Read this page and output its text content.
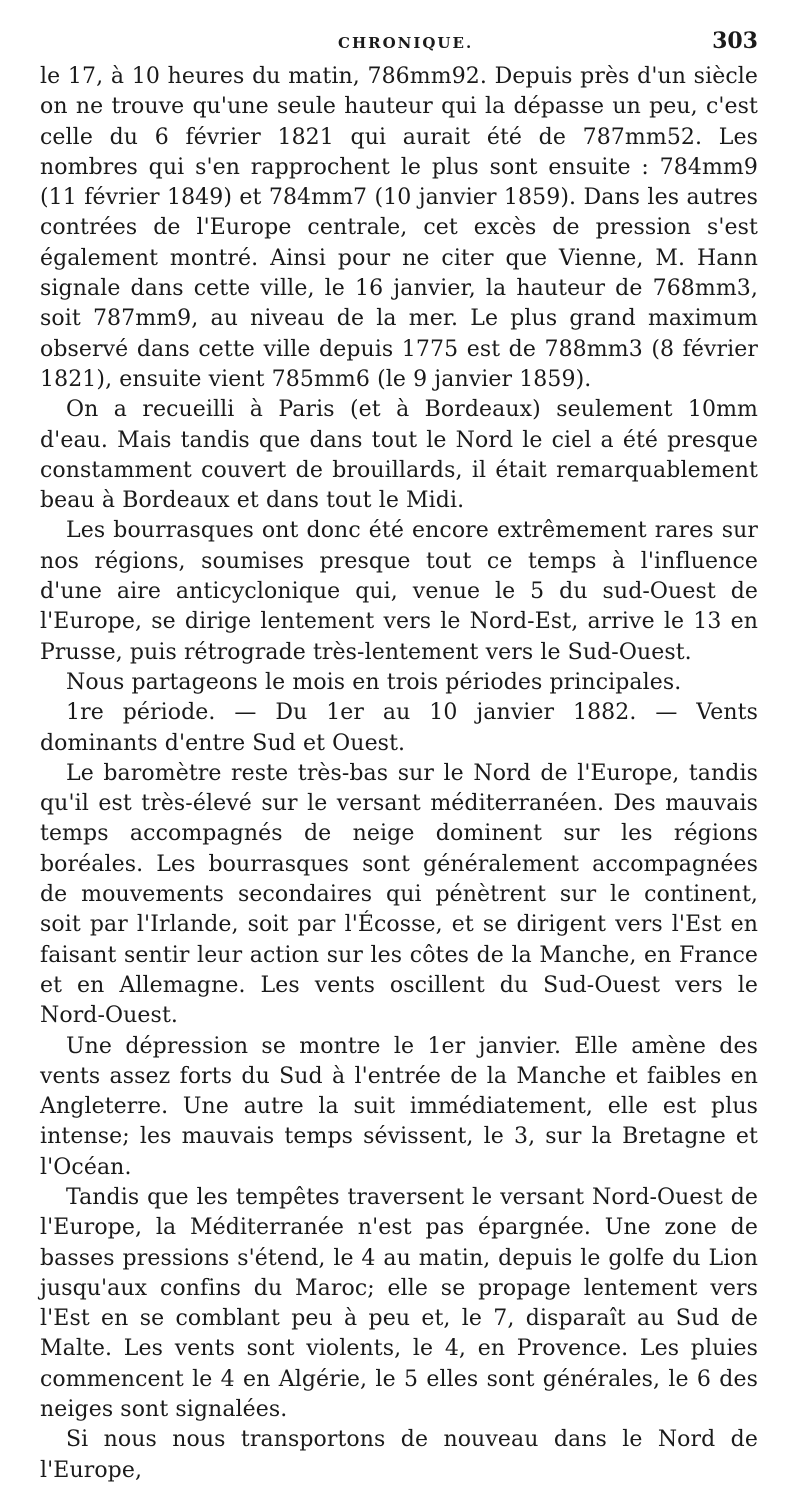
CHRONIQUE.	303

le 17, à 10 heures du matin, 786mm92. Depuis près d'un siècle on ne trouve qu'une seule hauteur qui la dépasse un peu, c'est celle du 6 février 1821 qui aurait été de 787mm52. Les nombres qui s'en rapprochent le plus sont ensuite : 784mm9 (11 février 1849) et 784mm7 (10 janvier 1859). Dans les autres contrées de l'Europe centrale, cet excès de pression s'est également montré. Ainsi pour ne citer que Vienne, M. Hann signale dans cette ville, le 16 janvier, la hauteur de 768mm3, soit 787mm9, au niveau de la mer. Le plus grand maximum observé dans cette ville depuis 1775 est de 788mm3 (8 février 1821), ensuite vient 785mm6 (le 9 janvier 1859).

On a recueilli à Paris (et à Bordeaux) seulement 10mm d'eau. Mais tandis que dans tout le Nord le ciel a été presque constamment couvert de brouillards, il était remarquablement beau à Bordeaux et dans tout le Midi.

Les bourrasques ont donc été encore extrêmement rares sur nos régions, soumises presque tout ce temps à l'influence d'une aire anticyclonique qui, venue le 5 du sud-Ouest de l'Europe, se dirige lentement vers le Nord-Est, arrive le 13 en Prusse, puis rétrograde très-lentement vers le Sud-Ouest.

Nous partageons le mois en trois périodes principales.

1re période. — Du 1er au 10 janvier 1882. — Vents dominants d'entre Sud et Ouest.

Le baromètre reste très-bas sur le Nord de l'Europe, tandis qu'il est très-élevé sur le versant méditerranéen. Des mauvais temps accompagnés de neige dominent sur les régions boréales. Les bourrasques sont généralement accompagnées de mouvements secondaires qui pénètrent sur le continent, soit par l'Irlande, soit par l'Écosse, et se dirigent vers l'Est en faisant sentir leur action sur les côtes de la Manche, en France et en Allemagne. Les vents oscillent du Sud-Ouest vers le Nord-Ouest.

Une dépression se montre le 1er janvier. Elle amène des vents assez forts du Sud à l'entrée de la Manche et faibles en Angleterre. Une autre la suit immédiatement, elle est plus intense; les mauvais temps sévissent, le 3, sur la Bretagne et l'Océan.

Tandis que les tempêtes traversent le versant Nord-Ouest de l'Europe, la Méditerranée n'est pas épargnée. Une zone de basses pressions s'étend, le 4 au matin, depuis le golfe du Lion jusqu'aux confins du Maroc; elle se propage lentement vers l'Est en se comblant peu à peu et, le 7, disparaît au Sud de Malte. Les vents sont violents, le 4, en Provence. Les pluies commencent le 4 en Algérie, le 5 elles sont générales, le 6 des neiges sont signalées.

Si nous nous transportons de nouveau dans le Nord de l'Europe,
